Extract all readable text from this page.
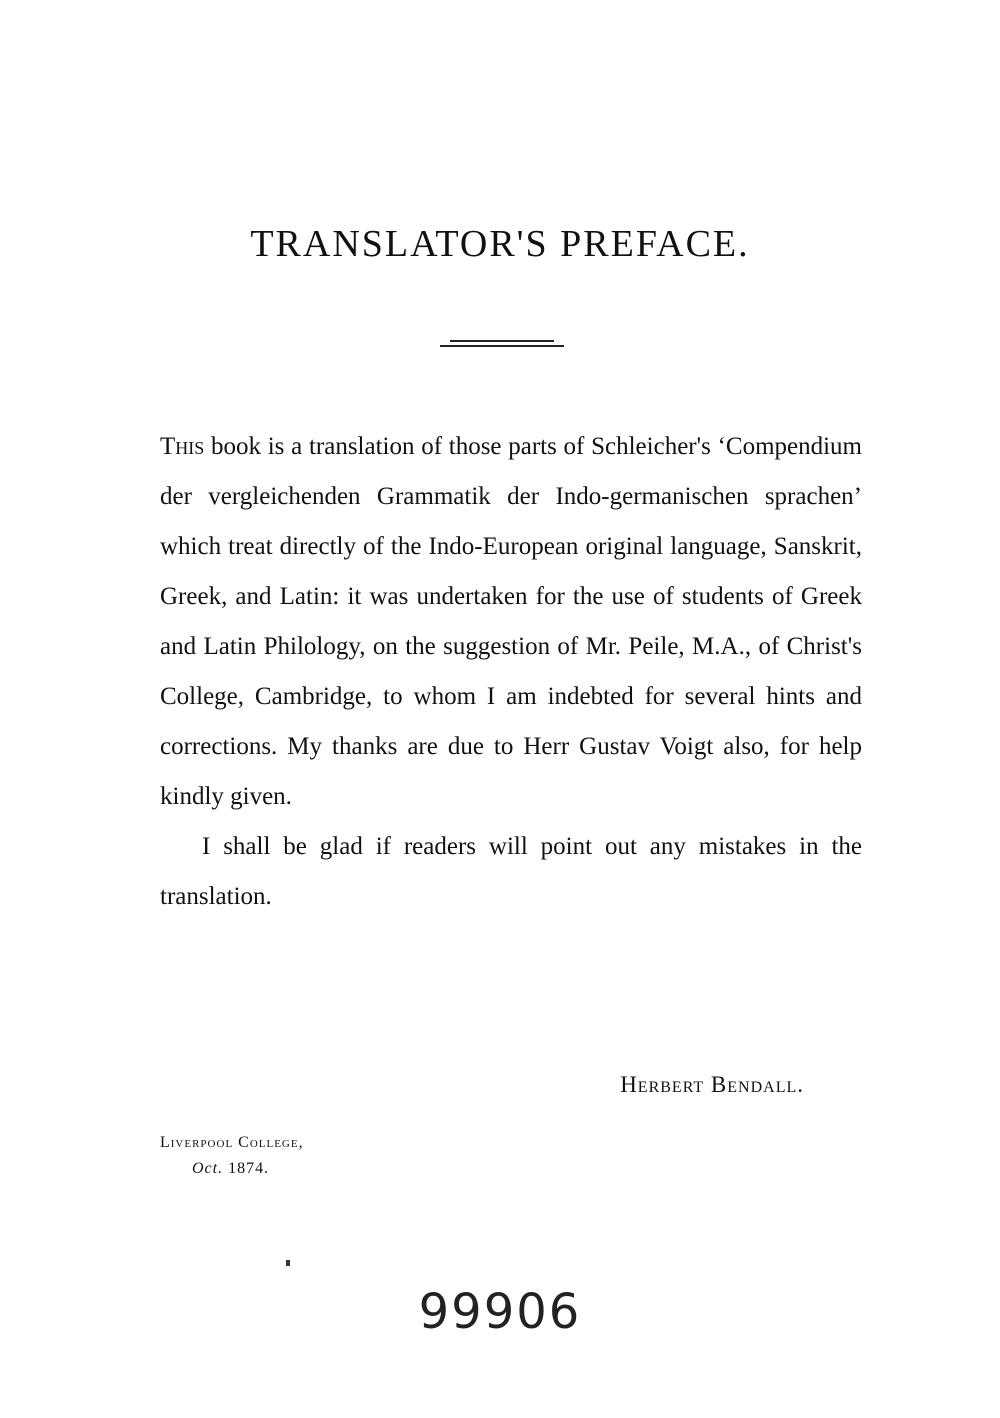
TRANSLATOR'S PREFACE.

This book is a translation of those parts of Schleicher's ‘Compendium der vergleichenden Grammatik der Indo-germanischen sprachen’ which treat directly of the Indo-European original language, Sanskrit, Greek, and Latin: it was undertaken for the use of students of Greek and Latin Philology, on the suggestion of Mr. Peile, M.A., of Christ's College, Cambridge, to whom I am indebted for several hints and corrections. My thanks are due to Herr Gustav Voigt also, for help kindly given.

I shall be glad if readers will point out any mistakes in the translation.

Herbert Bendall.

Liverpool College,
Oct. 1874.
99906
